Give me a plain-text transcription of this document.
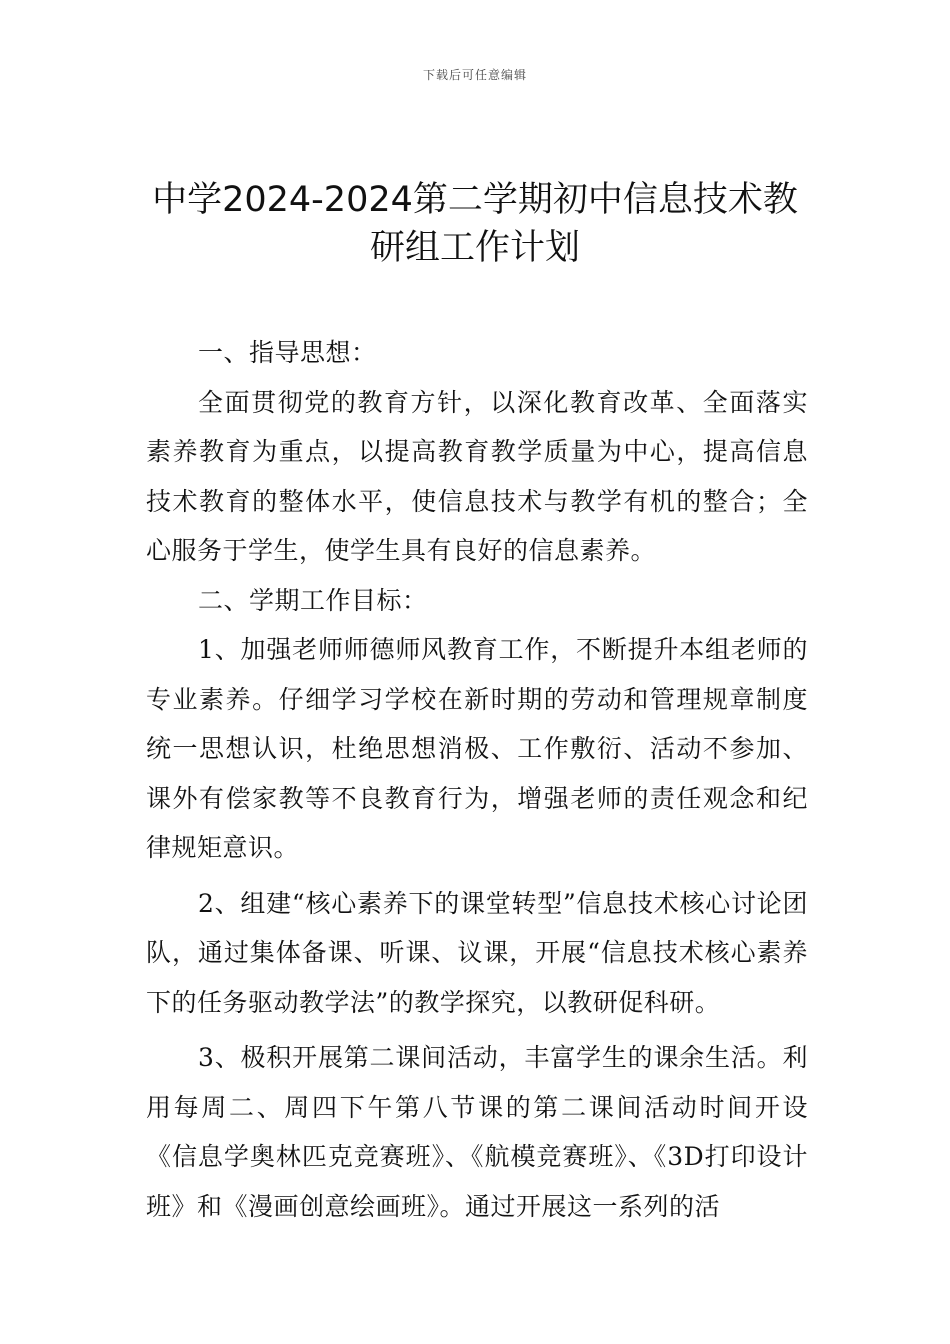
下载后可任意编辑
中学2024-2024第二学期初中信息技术教
研组工作计划

一、指导思想：

全面贯彻党的教育方针，以深化教育改革、全面落实素养教育为重点，以提高教育教学质量为中心，提高信息技术教育的整体水平，使信息技术与教学有机的整合；全心服务于学生，使学生具有良好的信息素养。

二、学期工作目标：

1、加强老师师德师风教育工作，不断提升本组老师的专业素养。仔细学习学校在新时期的劳动和管理规章制度统一思想认识，杜绝思想消极、工作敷衍、活动不参加、课外有偿家教等不良教育行为，增强老师的责任观念和纪律规矩意识。

2、组建“核心素养下的课堂转型”信息技术核心讨论团队，通过集体备课、听课、议课，开展“信息技术核心素养下的任务驱动教学法”的教学探究，以教研促科研。

3、极积开展第二课间活动，丰富学生的课余生活。利用每周二、周四下午第八节课的第二课间活动时间开设《信息学奥林匹克竞赛班》、《航模竞赛班》、《3D打印设计班》和《漫画创意绘画班》。通过开展这一系列的活
